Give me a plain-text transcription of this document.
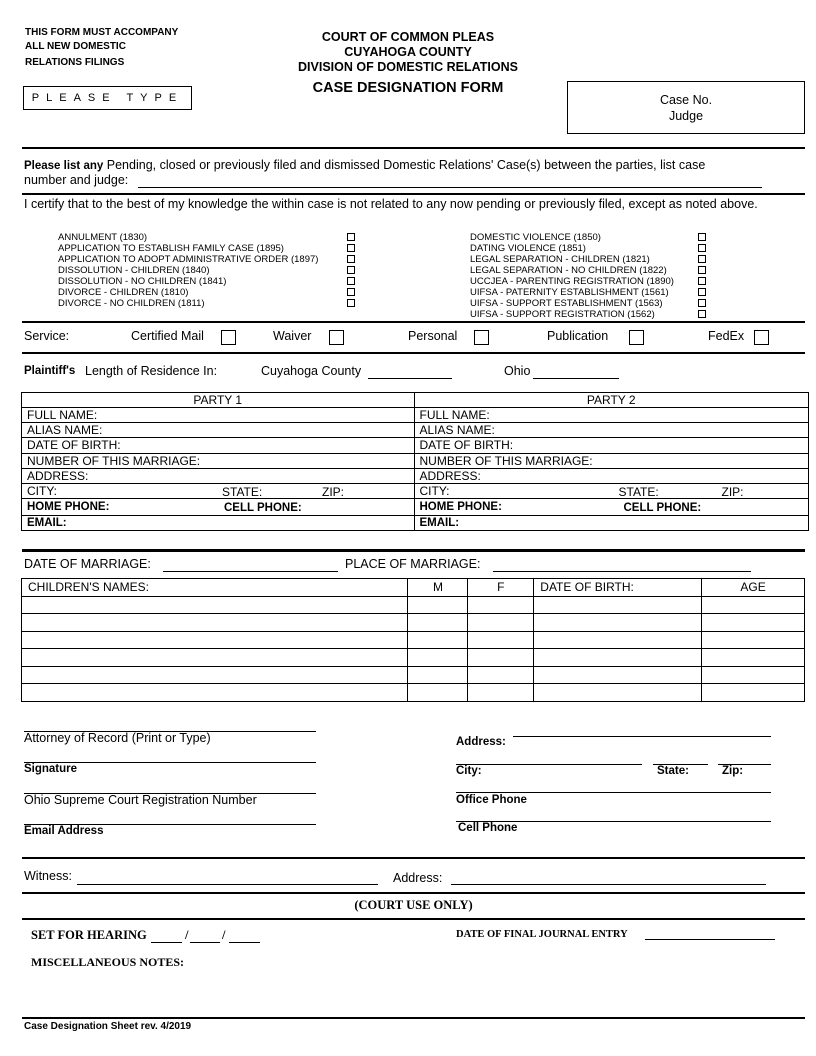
THIS FORM MUST ACCOMPANY
ALL NEW DOMESTIC
RELATIONS FILINGS
PLEASE TYPE
COURT OF COMMON PLEAS
CUYAHOGA COUNTY
DIVISION OF DOMESTIC RELATIONS
CASE DESIGNATION FORM
Case No.
Judge
Please list any Pending, closed or previously filed and dismissed Domestic Relations' Case(s) between the parties, list case
number and judge:
I certify that to the best of my knowledge the within case is not related to any now pending or previously filed, except as noted above.
ANNULMENT (1830)
APPLICATION TO ESTABLISH FAMILY CASE (1895)
APPLICATION TO ADOPT ADMINISTRATIVE ORDER (1897)
DISSOLUTION - CHILDREN (1840)
DISSOLUTION - NO CHILDREN (1841)
DIVORCE - CHILDREN (1810)
DIVORCE - NO CHILDREN (1811)
DOMESTIC VIOLENCE (1850)
DATING VIOLENCE (1851)
LEGAL SEPARATION - CHILDREN (1821)
LEGAL SEPARATION - NO CHILDREN (1822)
UCCJEA - PARENTING REGISTRATION (1890)
UIFSA - PATERNITY ESTABLISHMENT (1561)
UIFSA - SUPPORT ESTABLISHMENT (1563)
UIFSA - SUPPORT REGISTRATION (1562)
Service:	Certified Mail	Waiver	Personal	Publication	FedEx
Plaintiff's Length of Residence In:	Cuyahoga County	Ohio
PARTY 1	PARTY 2
FULL NAME:	FULL NAME:
ALIAS NAME:	ALIAS NAME:
DATE OF BIRTH:	DATE OF BIRTH:
NUMBER OF THIS MARRIAGE:	NUMBER OF THIS MARRIAGE:
ADDRESS:	ADDRESS:
CITY: STATE: ZIP:	CITY: STATE: ZIP:

HOME PHONE: CELL PHONE:	HOME PHONE: CELL PHONE:

EMAIL:	EMAIL:
DATE OF MARRIAGE:	PLACE OF MARRIAGE:
CHILDREN'S NAMES:	M	F	DATE OF BIRTH:	AGE

Attorney of Record (Print or Type)
Signature
Ohio Supreme Court Registration Number
Email Address
Address:
City:	State:	Zip:
Office Phone
Cell Phone
Witness:	Address:
(COURT USE ONLY)
SET FOR HEARING	/	/	DATE OF FINAL JOURNAL ENTRY
MISCELLANEOUS NOTES:
Case Designation Sheet rev. 4/2019
